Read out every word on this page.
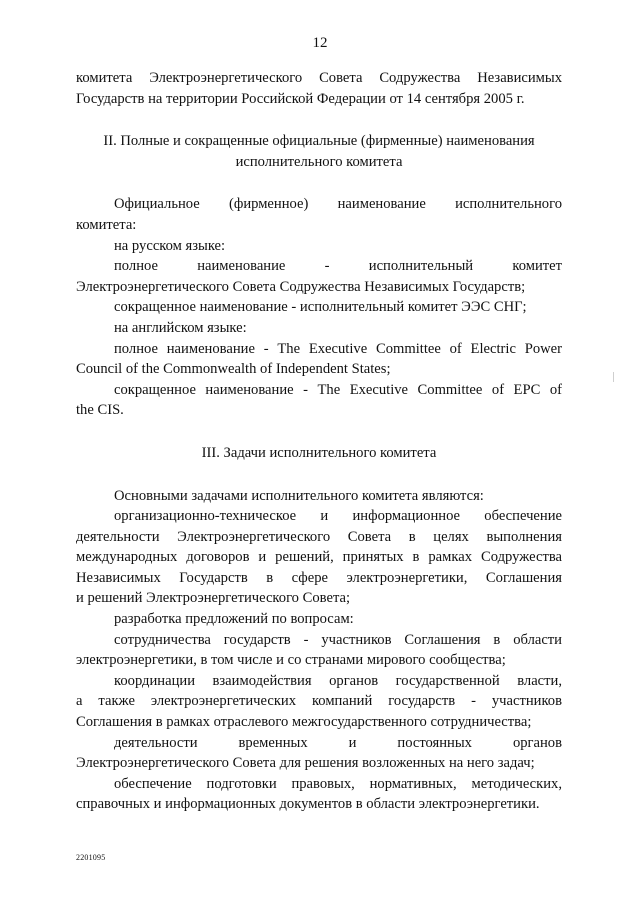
12

комитета Электроэнергетического Совета Содружества Независимых

Государств на территории Российской Федерации от 14 сентября 2005 г.

II. Полные и сокращенные официальные (фирменные) наименования

исполнительного комитета

Официальное (фирменное) наименование исполнительного

комитета:

на русском языке:

полное наименование - исполнительный комитет

Электроэнергетического Совета Содружества Независимых Государств;

сокращенное наименование - исполнительный комитет ЭЭС СНГ;

на английском языке:

полное наименование - The Executive Committee of Electric Power

Council of the Commonwealth of Independent States;

сокращенное наименование - The Executive Committee of EPC of

the CIS.

III. Задачи исполнительного комитета

Основными задачами исполнительного комитета являются:

организационно-техническое и информационное обеспечение

деятельности Электроэнергетического Совета в целях выполнения

международных договоров и решений, принятых в рамках Содружества

Независимых Государств в сфере электроэнергетики, Соглашения

и решений Электроэнергетического Совета;

разработка предложений по вопросам:

сотрудничества государств - участников Соглашения в области

электроэнергетики, в том числе и со странами мирового сообщества;

координации взаимодействия органов государственной власти,

а также электроэнергетических компаний государств - участников

Соглашения в рамках отраслевого межгосударственного сотрудничества;

деятельности временных и постоянных органов

Электроэнергетического Совета для решения возложенных на него задач;

обеспечение подготовки правовых, нормативных, методических,

справочных и информационных документов в области электроэнергетики.

2201095
